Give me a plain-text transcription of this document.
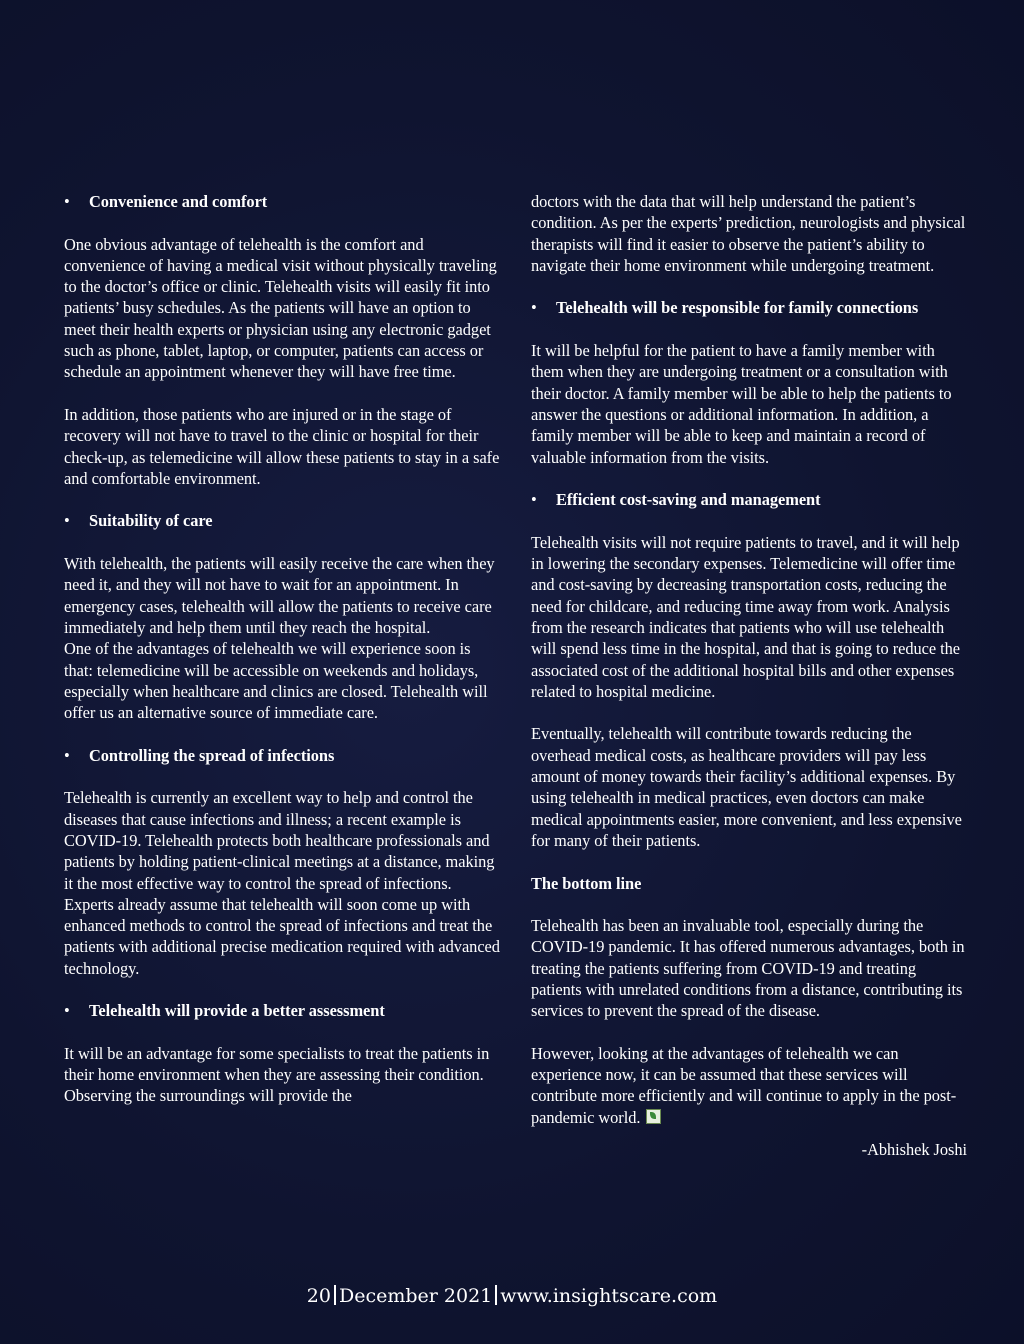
• Convenience and comfort

One obvious advantage of telehealth is the comfort and convenience of having a medical visit without physically traveling to the doctor’s office or clinic. Telehealth visits will easily fit into patients’ busy schedules. As the patients will have an option to meet their health experts or physician using any electronic gadget such as phone, tablet, laptop, or computer, patients can access or schedule an appointment whenever they will have free time.

In addition, those patients who are injured or in the stage of recovery will not have to travel to the clinic or hospital for their check-up, as telemedicine will allow these patients to stay in a safe and comfortable environment.

• Suitability of care

With telehealth, the patients will easily receive the care when they need it, and they will not have to wait for an appointment. In emergency cases, telehealth will allow the patients to receive care immediately and help them until they reach the hospital.

One of the advantages of telehealth we will experience soon is that: telemedicine will be accessible on weekends and holidays, especially when healthcare and clinics are closed. Telehealth will offer us an alternative source of immediate care.

• Controlling the spread of infections

Telehealth is currently an excellent way to help and control the diseases that cause infections and illness; a recent example is COVID-19. Telehealth protects both healthcare professionals and patients by holding patient-clinical meetings at a distance, making it the most effective way to control the spread of infections. Experts already assume that telehealth will soon come up with enhanced methods to control the spread of infections and treat the patients with additional precise medication required with advanced technology.

• Telehealth will provide a better assessment

It will be an advantage for some specialists to treat the patients in their home environment when they are assessing their condition. Observing the surroundings will provide the

doctors with the data that will help understand the patient’s condition. As per the experts’ prediction, neurologists and physical therapists will find it easier to observe the patient’s ability to navigate their home environment while undergoing treatment.

• Telehealth will be responsible for family connections

It will be helpful for the patient to have a family member with them when they are undergoing treatment or a consultation with their doctor. A family member will be able to help the patients to answer the questions or additional information. In addition, a family member will be able to keep and maintain a record of valuable information from the visits.

• Efficient cost-saving and management

Telehealth visits will not require patients to travel, and it will help in lowering the secondary expenses. Telemedicine will offer time and cost-saving by decreasing transportation costs, reducing the need for childcare, and reducing time away from work. Analysis from the research indicates that patients who will use telehealth will spend less time in the hospital, and that is going to reduce the associated cost of the additional hospital bills and other expenses related to hospital medicine.

Eventually, telehealth will contribute towards reducing the overhead medical costs, as healthcare providers will pay less amount of money towards their facility’s additional expenses. By using telehealth in medical practices, even doctors can make medical appointments easier, more convenient, and less expensive for many of their patients.

The bottom line

Telehealth has been an invaluable tool, especially during the COVID-19 pandemic. It has offered numerous advantages, both in treating the patients suffering from COVID-19 and treating patients with unrelated conditions from a distance, contributing its services to prevent the spread of the disease.

However, looking at the advantages of telehealth we can experience now, it can be assumed that these services will contribute more efficiently and will continue to apply in the post-pandemic world.

-Abhishek Joshi
20 December 2021 www.insightscare.com
